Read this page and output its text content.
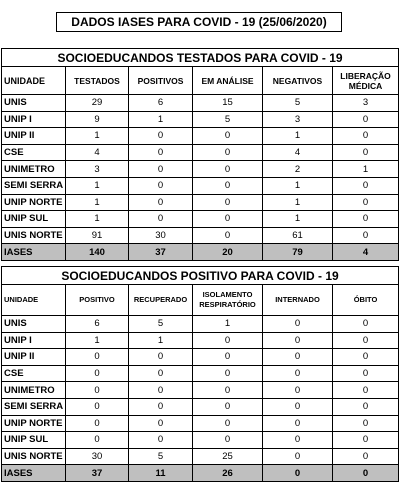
DADOS IASES PARA COVID - 19 (25/06/2020)
SOCIOEDUCANDOS TESTADOS PARA COVID - 19					
UNIDADE	TESTADOS	POSITIVOS	EM ANÁLISE	NEGATIVOS	LIBERAÇÃO MÉDICA
UNIS	29	6	15	5	3
UNIP I	9	1	5	3	0
UNIP II	1	0	0	1	0
CSE	4	0	0	4	0
UNIMETRO	3	0	0	2	1
SEMI SERRA	1	0	0	1	0
UNIP NORTE	1	0	0	1	0
UNIP SUL	1	0	0	1	0
UNIS NORTE	91	30	0	61	0
IASES	140	37	20	79	4
SOCIOEDUCANDOS POSITIVO PARA COVID - 19					
UNIDADE	POSITIVO	RECUPERADO	ISOLAMENTO RESPIRATÓRIO	INTERNADO	ÓBITO
UNIS	6	5	1	0	0
UNIP I	1	1	0	0	0
UNIP II	0	0	0	0	0
CSE	0	0	0	0	0
UNIMETRO	0	0	0	0	0
SEMI SERRA	0	0	0	0	0
UNIP NORTE	0	0	0	0	0
UNIP SUL	0	0	0	0	0
UNIS NORTE	30	5	25	0	0
IASES	37	11	26	0	0
